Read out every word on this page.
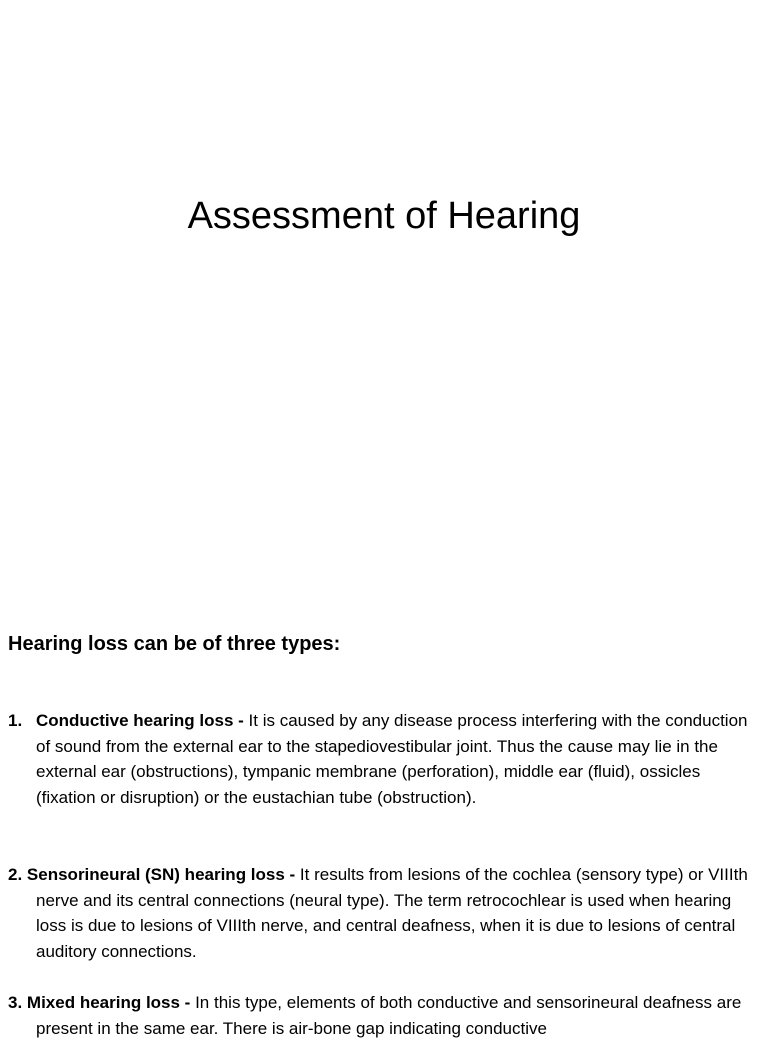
Assessment of Hearing
Hearing loss can be of three types:

1. Conductive hearing loss - It is caused by any disease process interfering with the conduction of sound from the external ear to the stapediovestibular joint. Thus the cause may lie in the external ear (obstructions), tympanic membrane (perforation), middle ear (fluid), ossicles (fixation or disruption) or the eustachian tube (obstruction).

2. Sensorineural (SN) hearing loss - It results from lesions of the cochlea (sensory type) or VIIIth nerve and its central connections (neural type). The term retrocochlear is used when hearing loss is due to lesions of VIIIth nerve, and central deafness, when it is due to lesions of central auditory connections.

3. Mixed hearing loss - In this type, elements of both conductive and sensorineural deafness are present in the same ear. There is air-bone gap indicating conductive
